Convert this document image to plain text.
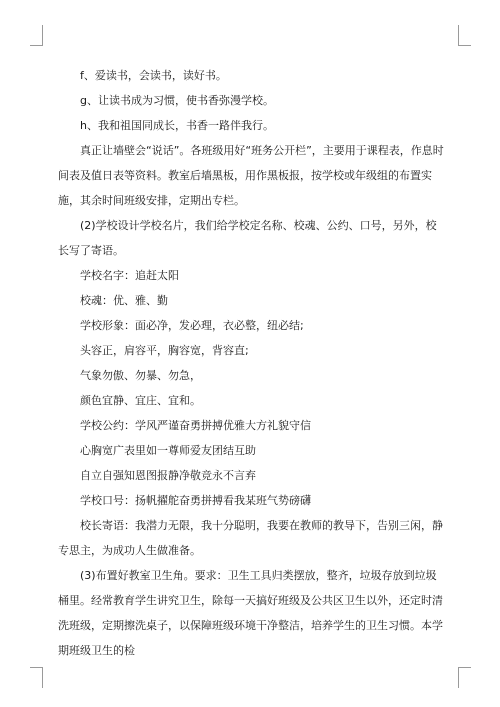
f、爱读书，会读书，读好书。

g、让读书成为习惯，使书香弥漫学校。

h、我和祖国同成长，书香一路伴我行。

真正让墙壁会“说话”。各班级用好“班务公开栏”，主要用于课程表，作息时间表及值日表等资料。教室后墙黑板，用作黑板报，按学校或年级组的布置实施，其余时间班级安排，定期出专栏。

(2)学校设计学校名片，我们给学校定名称、校魂、公约、口号，另外，校长写了寄语。

学校名字：追赶太阳

校魂：优、雅、勤

学校形象：面必净，发必理，衣必整，纽必结;

头容正，肩容平，胸容宽，背容直;

气象勿傲、勿暴、勿急，

颜色宜静、宜庄、宜和。

学校公约：学风严谨奋勇拼搏优雅大方礼貌守信

心胸宽广表里如一尊师爱友团结互助

自立自强知恩图报静净敬竞永不言弃

学校口号：扬帆擢舵奋勇拼搏看我某班气势磅礴

校长寄语：我潜力无限，我十分聪明，我要在教师的教导下，告别三闲，静专思主，为成功人生做准备。

(3)布置好教室卫生角。要求：卫生工具归类摆放，整齐，垃圾存放到垃圾桶里。经常教育学生讲究卫生，除每一天搞好班级及公共区卫生以外，还定时清洗班级，定期擦洗桌子，以保障班级环境干净整洁，培养学生的卫生习惯。本学期班级卫生的检
